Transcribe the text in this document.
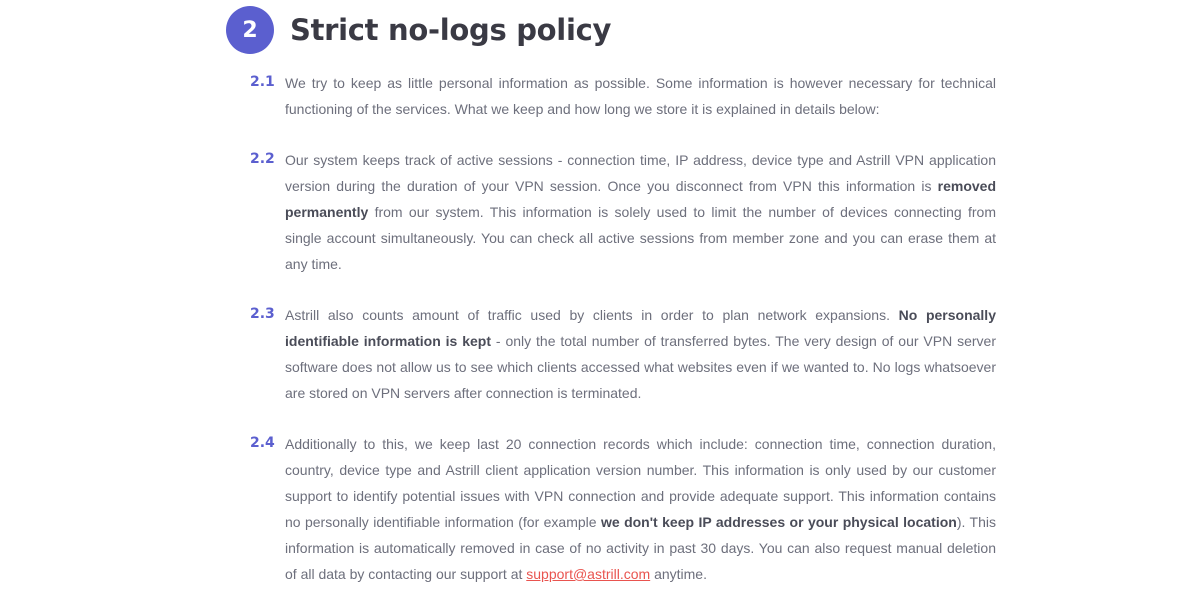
2	Strict no-logs policy
2.1 We try to keep as little personal information as possible. Some information is however necessary for technical functioning of the services. What we keep and how long we store it is explained in details below:

2.2 Our system keeps track of active sessions - connection time, IP address, device type and Astrill VPN application version during the duration of your VPN session. Once you disconnect from VPN this information is removed permanently from our system. This information is solely used to limit the number of devices connecting from single account simultaneously. You can check all active sessions from member zone and you can erase them at any time.

2.3 Astrill also counts amount of traffic used by clients in order to plan network expansions. No personally identifiable information is kept - only the total number of transferred bytes. The very design of our VPN server software does not allow us to see which clients accessed what websites even if we wanted to. No logs whatsoever are stored on VPN servers after connection is terminated.

2.4 Additionally to this, we keep last 20 connection records which include: connection time, connection duration, country, device type and Astrill client application version number. This information is only used by our customer support to identify potential issues with VPN connection and provide adequate support. This information contains no personally identifiable information (for example we don't keep IP addresses or your physical location). This information is automatically removed in case of no activity in past 30 days. You can also request manual deletion of all data by contacting our support at support@astrill.com anytime.
